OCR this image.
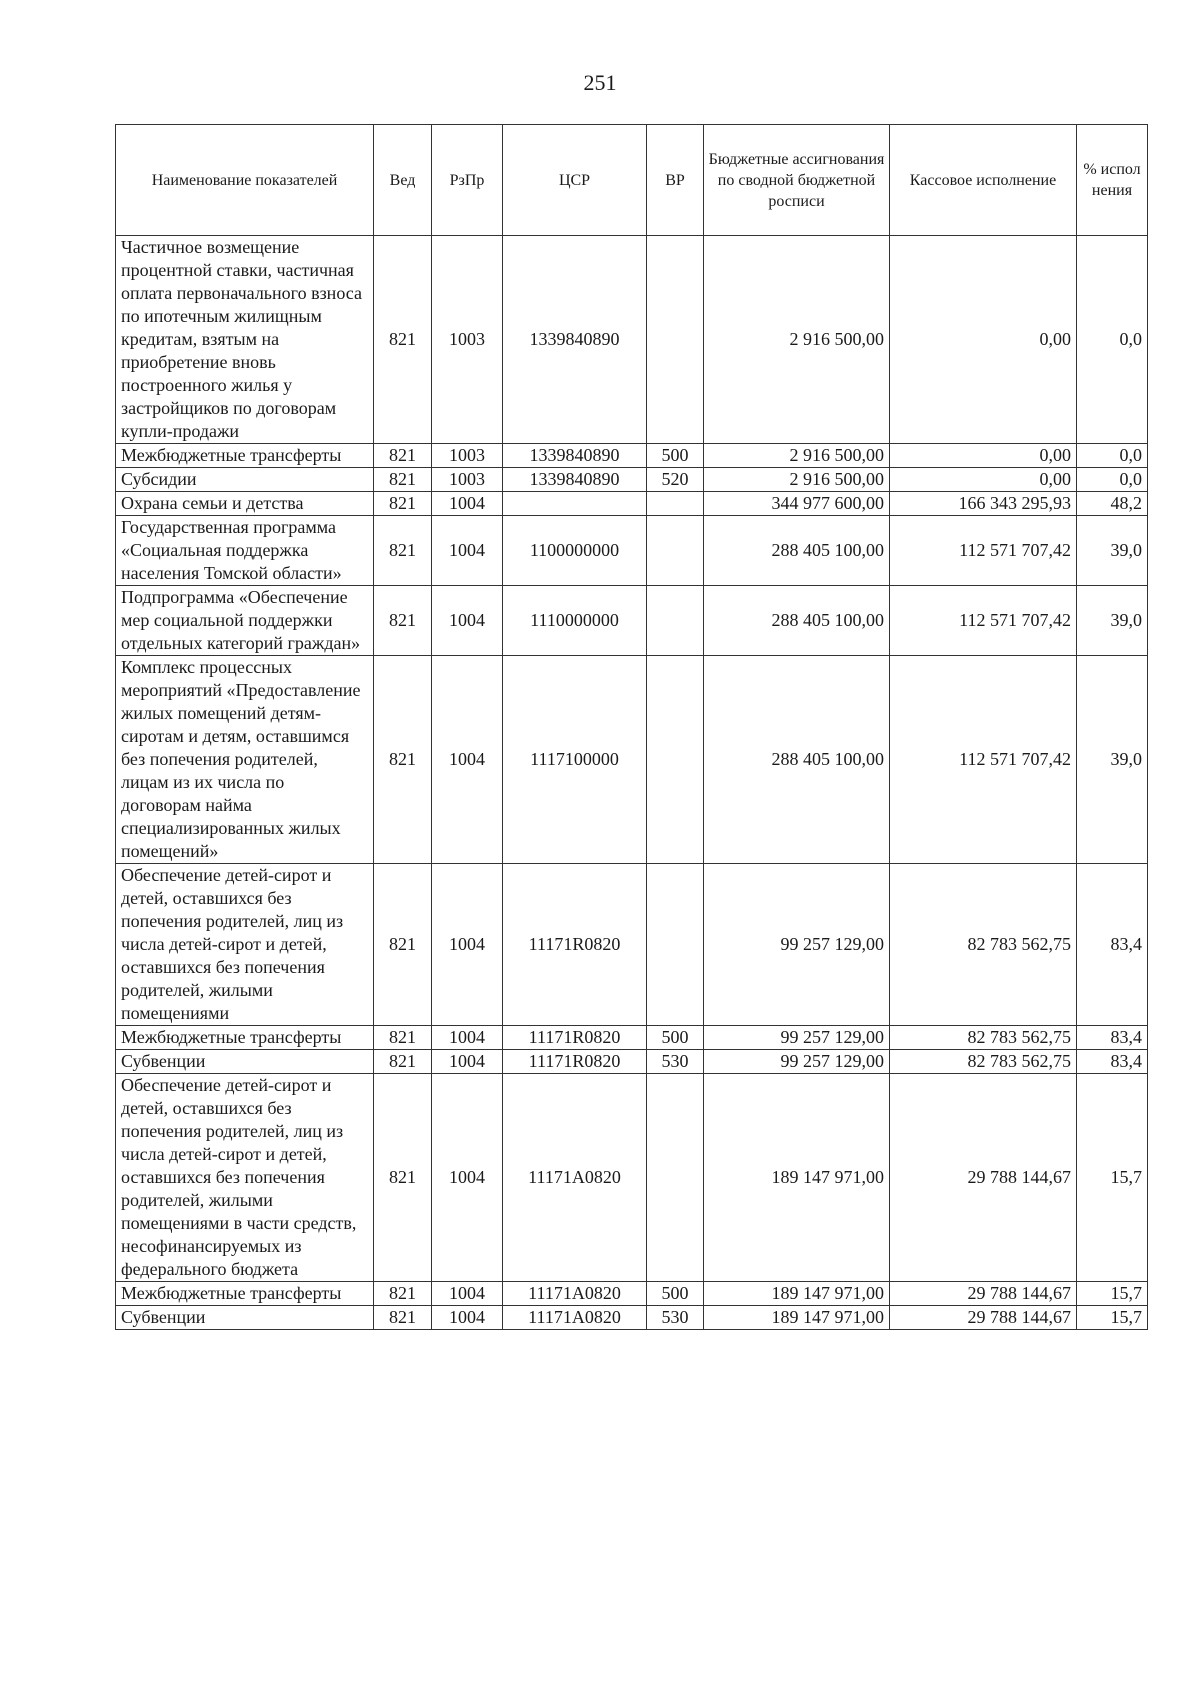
251
Наименование показателей	Вед	РзПр	ЦСР	ВР	Бюджетные ассигнования по сводной бюджетной росписи	Кассовое исполнение	% испол нения
Частичное возмещение процентной ставки, частичная оплата первоначального взноса по ипотечным жилищным кредитам, взятым на приобретение вновь построенного жилья у застройщиков по договорам купли-продажи	821	1003	1339840890		2 916 500,00	0,00	0,0
Межбюджетные трансферты	821	1003	1339840890	500	2 916 500,00	0,00	0,0
Субсидии	821	1003	1339840890	520	2 916 500,00	0,00	0,0
Охрана семьи и детства	821	1004			344 977 600,00	166 343 295,93	48,2
Государственная программа «Социальная поддержка населения Томской области»	821	1004	1100000000		288 405 100,00	112 571 707,42	39,0
Подпрограмма «Обеспечение мер социальной поддержки отдельных категорий граждан»	821	1004	1110000000		288 405 100,00	112 571 707,42	39,0
Комплекс процессных мероприятий «Предоставление жилых помещений детям-сиротам и детям, оставшимся без попечения родителей, лицам из их числа по договорам найма специализированных жилых помещений»	821	1004	1117100000		288 405 100,00	112 571 707,42	39,0
Обеспечение детей-сирот и детей, оставшихся без попечения родителей, лиц из числа детей-сирот и детей, оставшихся без попечения родителей, жилыми помещениями	821	1004	11171R0820		99 257 129,00	82 783 562,75	83,4
Межбюджетные трансферты	821	1004	11171R0820	500	99 257 129,00	82 783 562,75	83,4
Субвенции	821	1004	11171R0820	530	99 257 129,00	82 783 562,75	83,4
Обеспечение детей-сирот и детей, оставшихся без попечения родителей, лиц из числа детей-сирот и детей, оставшихся без попечения родителей, жилыми помещениями в части средств, несофинансируемых из федерального бюджета	821	1004	11171A0820		189 147 971,00	29 788 144,67	15,7
Межбюджетные трансферты	821	1004	11171A0820	500	189 147 971,00	29 788 144,67	15,7
Субвенции	821	1004	11171A0820	530	189 147 971,00	29 788 144,67	15,7
